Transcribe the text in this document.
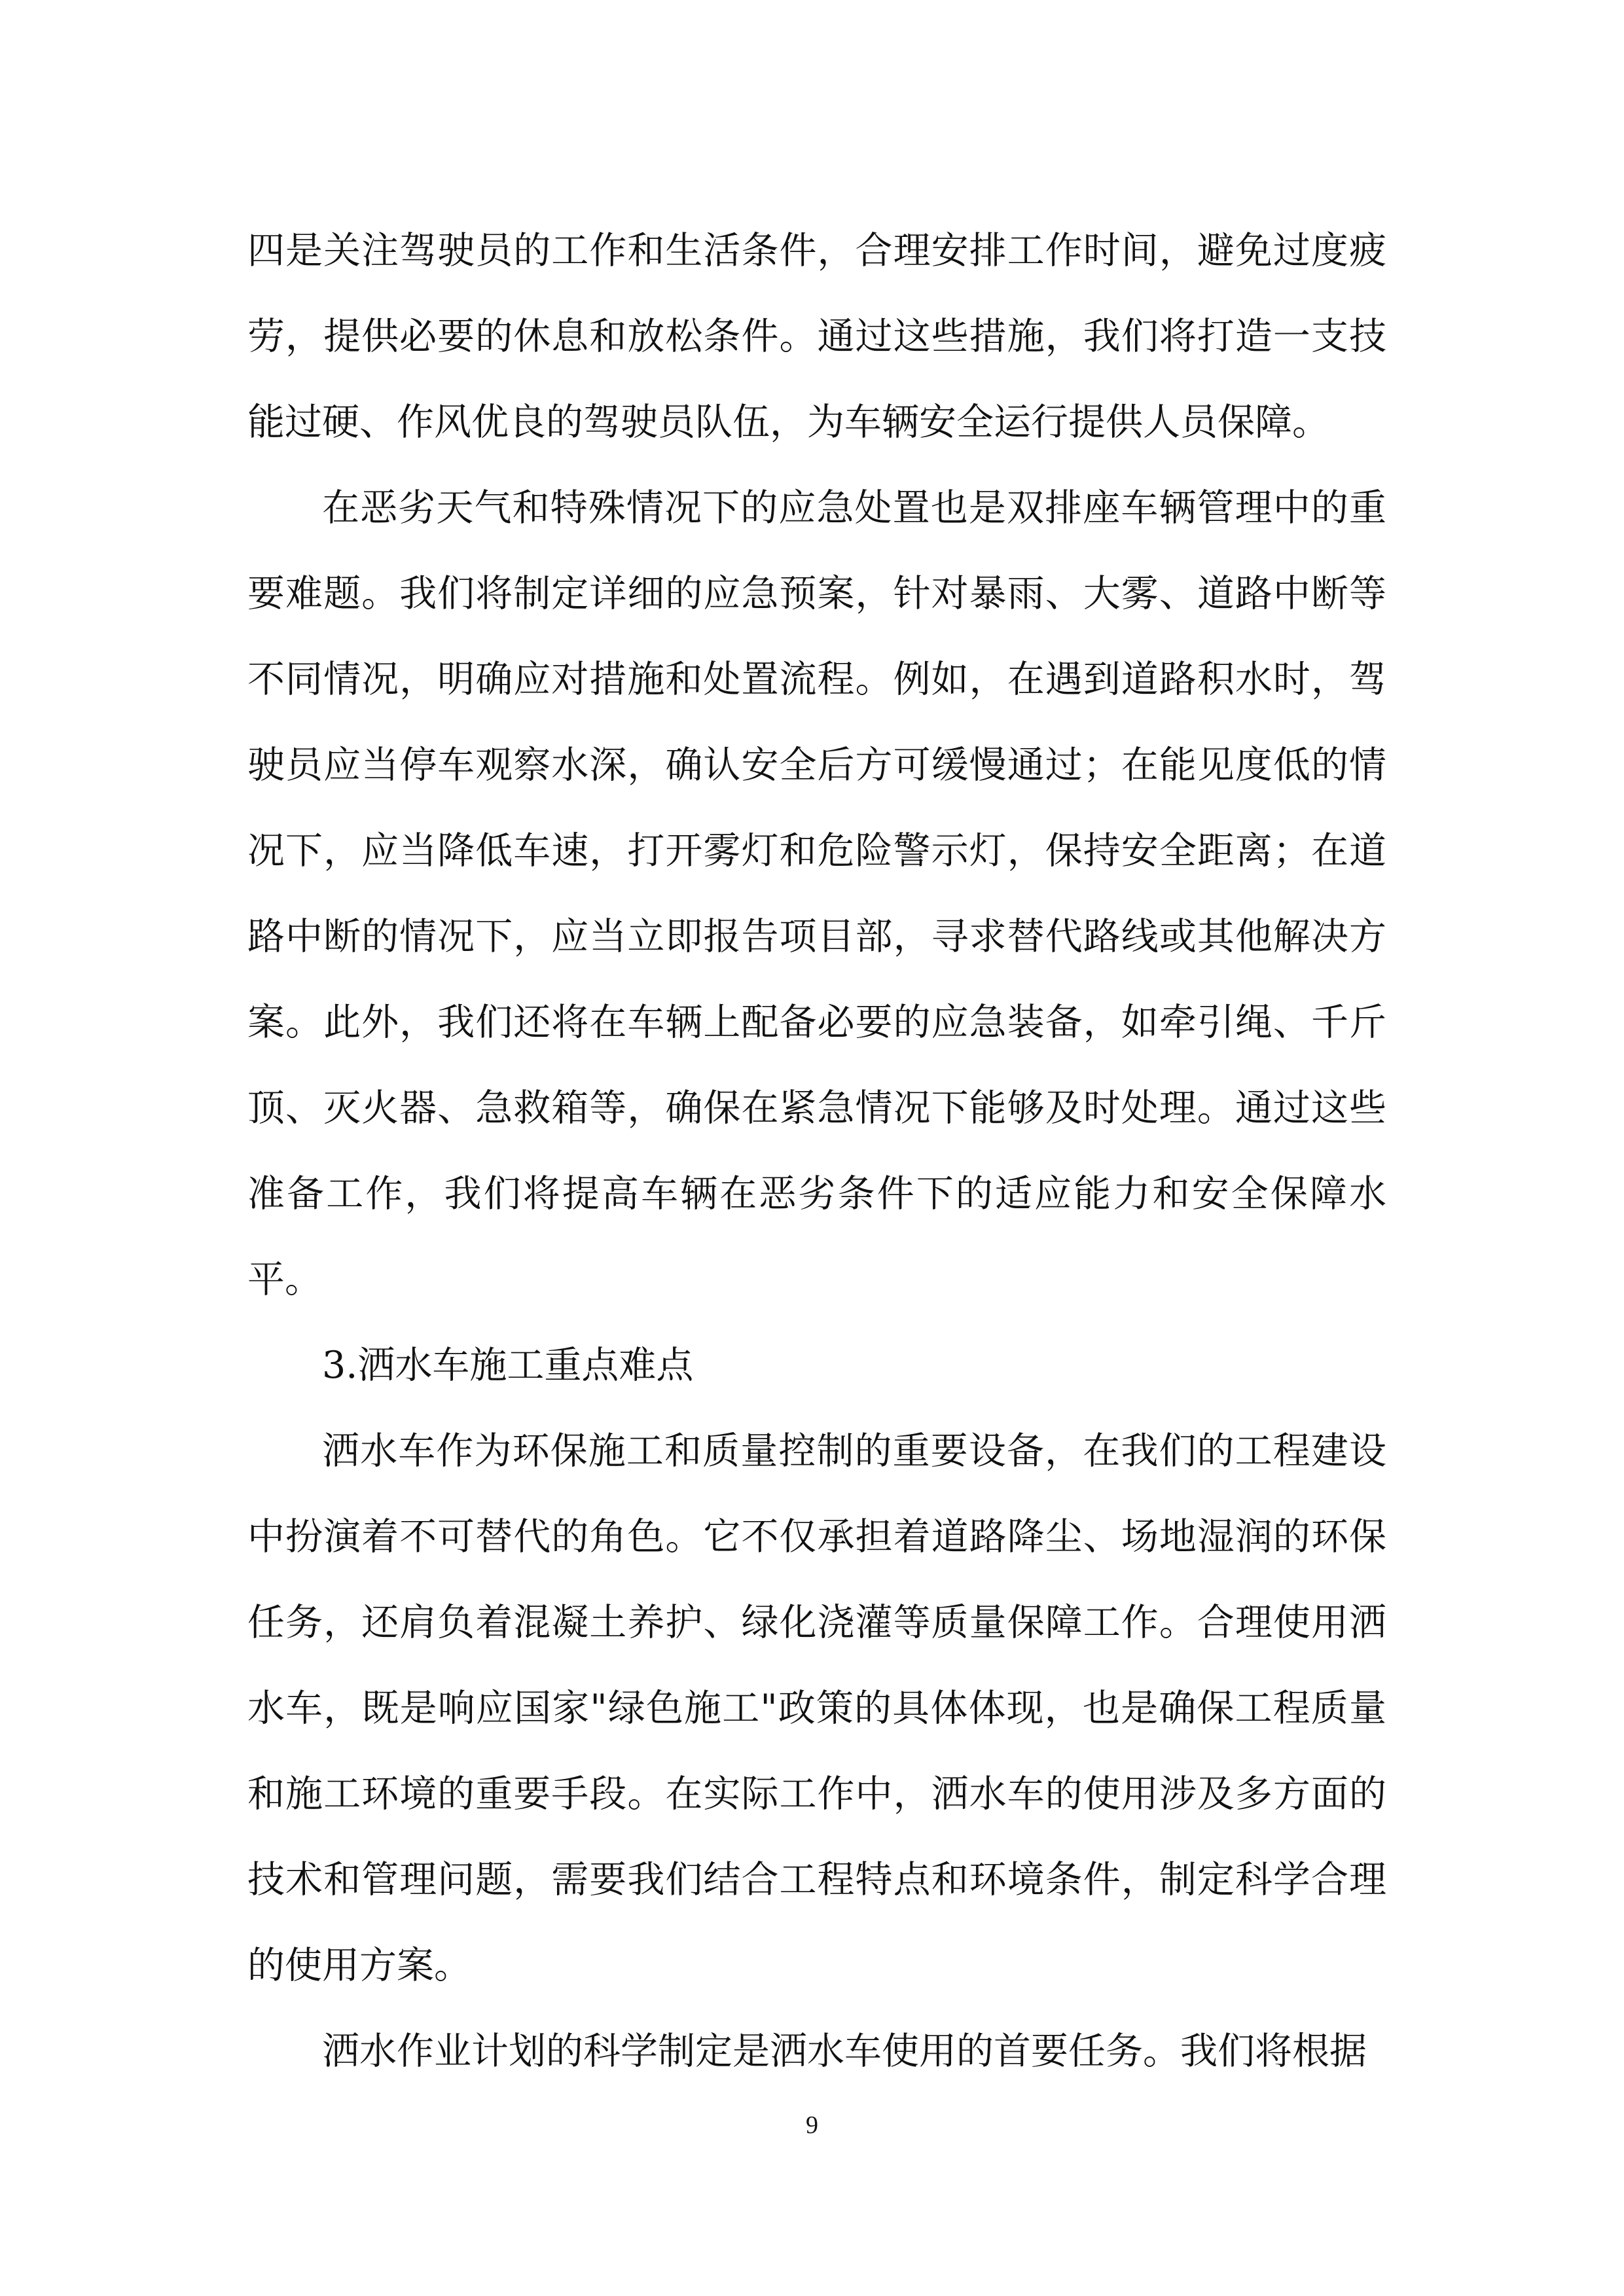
四是关注驾驶员的工作和生活条件，合理安排工作时间，避免过度疲劳，提供必要的休息和放松条件。通过这些措施，我们将打造一支技能过硬、作风优良的驾驶员队伍，为车辆安全运行提供人员保障。

在恶劣天气和特殊情况下的应急处置也是双排座车辆管理中的重要难题。我们将制定详细的应急预案，针对暴雨、大雾、道路中断等不同情况，明确应对措施和处置流程。例如，在遇到道路积水时，驾驶员应当停车观察水深，确认安全后方可缓慢通过；在能见度低的情况下，应当降低车速，打开雾灯和危险警示灯，保持安全距离；在道路中断的情况下，应当立即报告项目部，寻求替代路线或其他解决方案。此外，我们还将在车辆上配备必要的应急装备，如牵引绳、千斤顶、灭火器、急救箱等，确保在紧急情况下能够及时处理。通过这些准备工作，我们将提高车辆在恶劣条件下的适应能力和安全保障水平。

3.洒水车施工重点难点

洒水车作为环保施工和质量控制的重要设备，在我们的工程建设中扮演着不可替代的角色。它不仅承担着道路降尘、场地湿润的环保任务，还肩负着混凝土养护、绿化浇灌等质量保障工作。合理使用洒水车，既是响应国家"绿色施工"政策的具体体现，也是确保工程质量和施工环境的重要手段。在实际工作中，洒水车的使用涉及多方面的技术和管理问题，需要我们结合工程特点和环境条件，制定科学合理的使用方案。

洒水作业计划的科学制定是洒水车使用的首要任务。我们将根据

9
